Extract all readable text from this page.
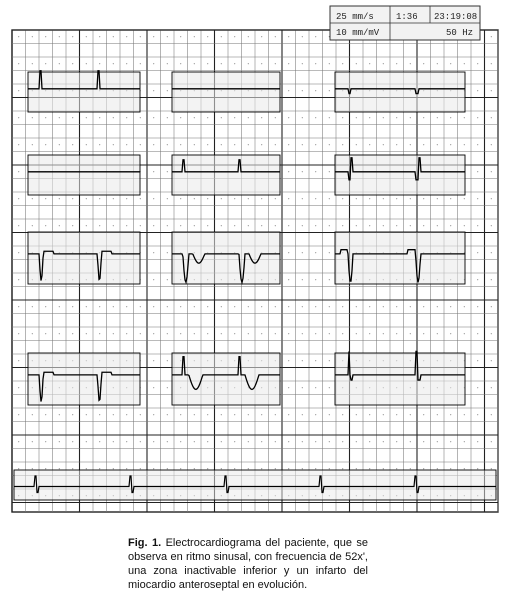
25 mm/s 1:36 23:19:08
10 mm/mV	50 Hz
Fig. 1. Electrocardiograma del paciente, que se observa en ritmo sinusal, con frecuencia de 52x', una zona inactivable inferior y un infarto del miocardio anteroseptal en evolución.
